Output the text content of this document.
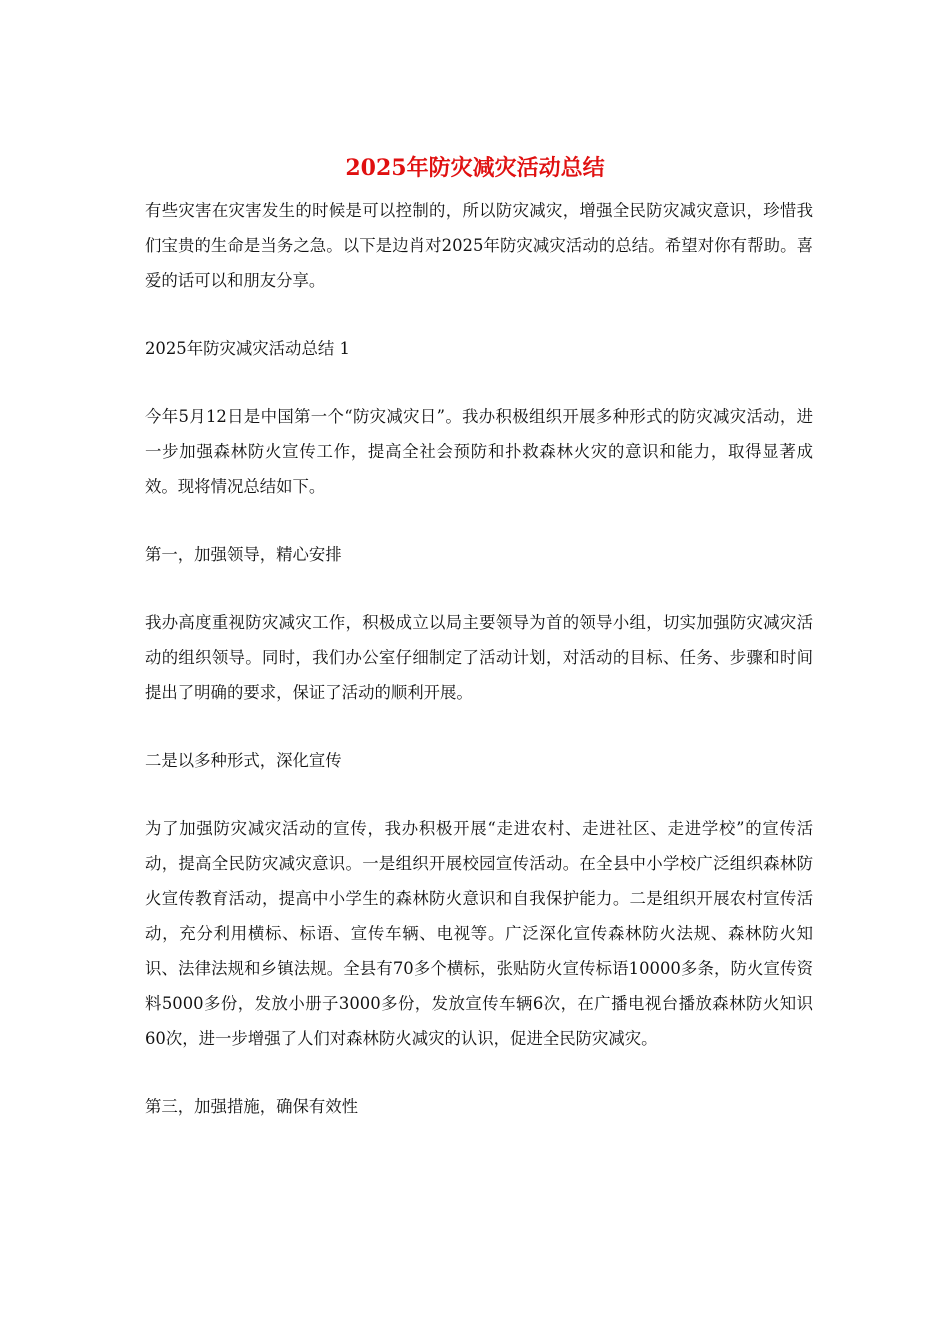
2025年防灾减灾活动总结

有些灾害在灾害发生的时候是可以控制的，所以防灾减灾，增强全民防灾减灾意识，珍惜我们宝贵的生命是当务之急。以下是边肖对2025年防灾减灾活动的总结。希望对你有帮助。喜爱的话可以和朋友分享。

2025年防灾减灾活动总结 1

今年5月12日是中国第一个“防灾减灾日”。我办积极组织开展多种形式的防灾减灾活动，进一步加强森林防火宣传工作，提高全社会预防和扑救森林火灾的意识和能力，取得显著成效。现将情况总结如下。

第一，加强领导，精心安排

我办高度重视防灾减灾工作，积极成立以局主要领导为首的领导小组，切实加强防灾减灾活动的组织领导。同时，我们办公室仔细制定了活动计划，对活动的目标、任务、步骤和时间提出了明确的要求，保证了活动的顺利开展。

二是以多种形式，深化宣传

为了加强防灾减灾活动的宣传，我办积极开展“走进农村、走进社区、走进学校”的宣传活动，提高全民防灾减灾意识。一是组织开展校园宣传活动。在全县中小学校广泛组织森林防火宣传教育活动，提高中小学生的森林防火意识和自我保护能力。二是组织开展农村宣传活动，充分利用横标、标语、宣传车辆、电视等。广泛深化宣传森林防火法规、森林防火知识、法律法规和乡镇法规。全县有70多个横标，张贴防火宣传标语10000多条，防火宣传资料5000多份，发放小册子3000多份，发放宣传车辆6次，在广播电视台播放森林防火知识60次，进一步增强了人们对森林防火减灾的认识，促进全民防灾减灾。

第三，加强措施，确保有效性
